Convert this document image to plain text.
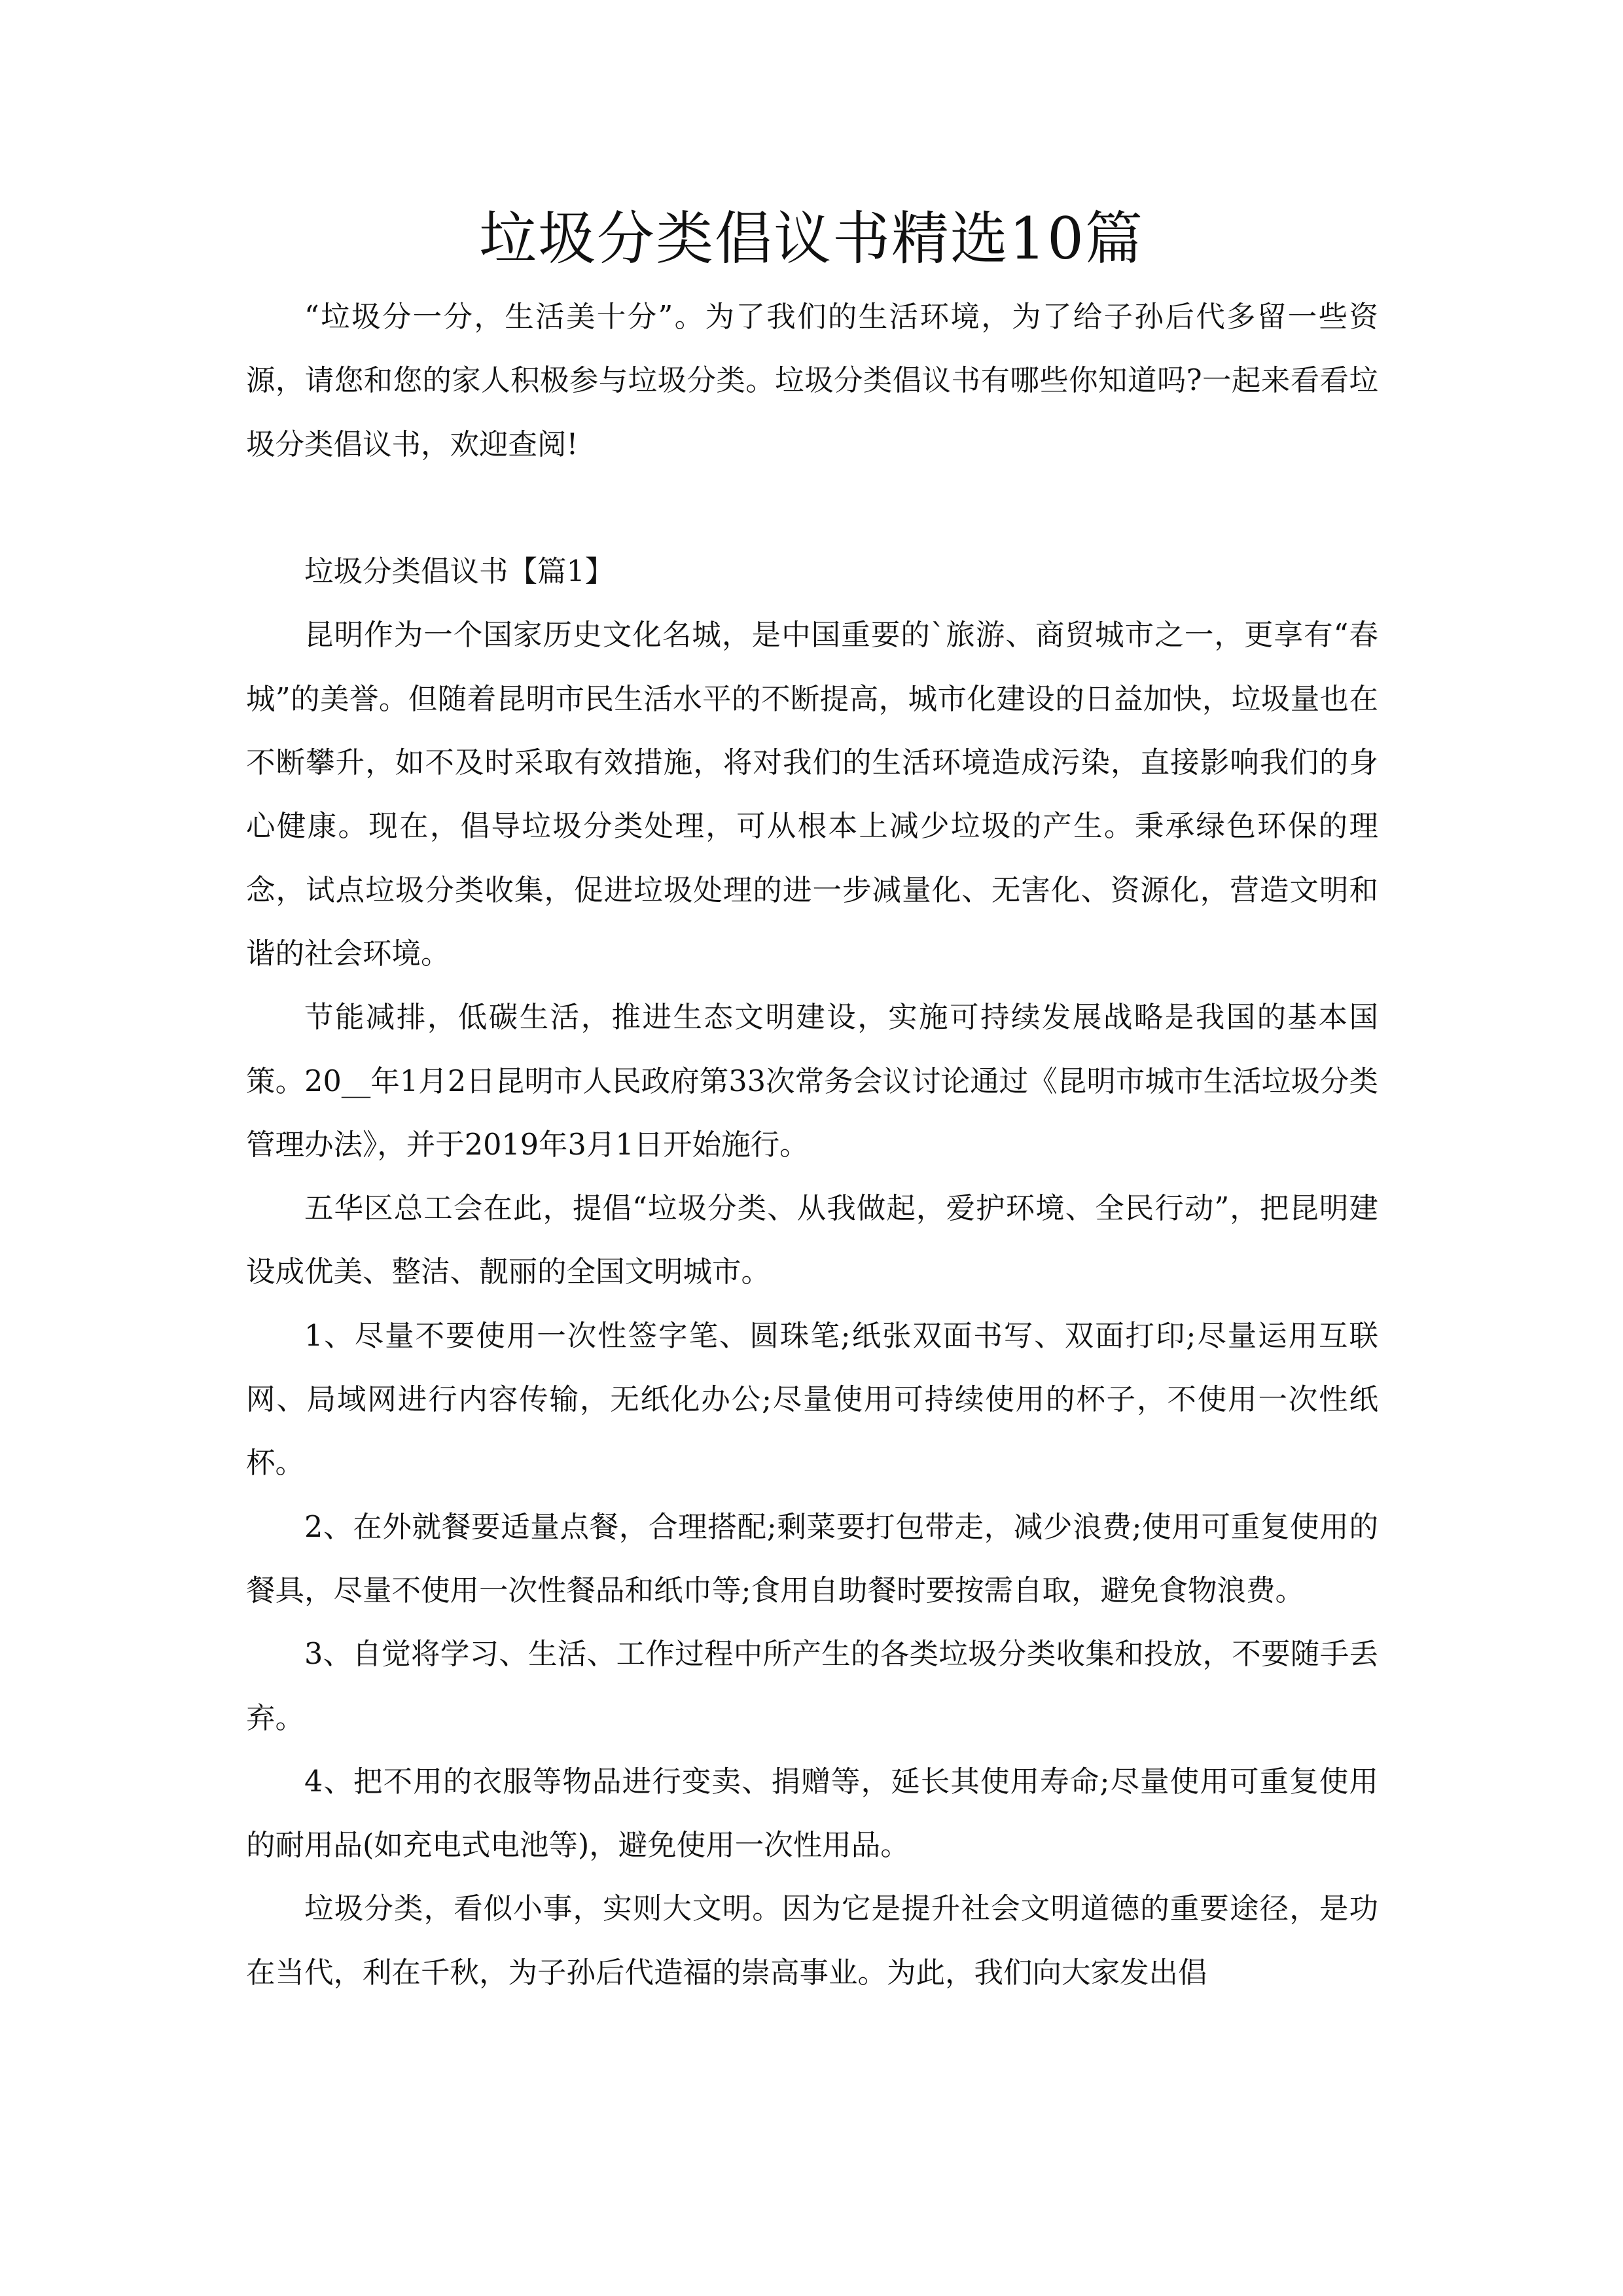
垃圾分类倡议书精选10篇

“垃圾分一分，生活美十分”。为了我们的生活环境，为了给子孙后代多留一些资源，请您和您的家人积极参与垃圾分类。垃圾分类倡议书有哪些你知道吗?一起来看看垃圾分类倡议书，欢迎查阅!

垃圾分类倡议书【篇1】

昆明作为一个国家历史文化名城，是中国重要的`旅游、商贸城市之一，更享有“春城”的美誉。但随着昆明市民生活水平的不断提高，城市化建设的日益加快，垃圾量也在不断攀升，如不及时采取有效措施，将对我们的生活环境造成污染，直接影响我们的身心健康。现在，倡导垃圾分类处理，可从根本上减少垃圾的产生。秉承绿色环保的理念，试点垃圾分类收集，促进垃圾处理的进一步减量化、无害化、资源化，营造文明和谐的社会环境。

节能减排，低碳生活，推进生态文明建设，实施可持续发展战略是我国的基本国策。20__年1月2日昆明市人民政府第33次常务会议讨论通过《昆明市城市生活垃圾分类管理办法》，并于2019年3月1日开始施行。

五华区总工会在此，提倡“垃圾分类、从我做起，爱护环境、全民行动”，把昆明建设成优美、整洁、靓丽的全国文明城市。

1、尽量不要使用一次性签字笔、圆珠笔;纸张双面书写、双面打印;尽量运用互联网、局域网进行内容传输，无纸化办公;尽量使用可持续使用的杯子，不使用一次性纸杯。

2、在外就餐要适量点餐，合理搭配;剩菜要打包带走，减少浪费;使用可重复使用的餐具，尽量不使用一次性餐品和纸巾等;食用自助餐时要按需自取，避免食物浪费。

3、自觉将学习、生活、工作过程中所产生的各类垃圾分类收集和投放，不要随手丢弃。

4、把不用的衣服等物品进行变卖、捐赠等，延长其使用寿命;尽量使用可重复使用的耐用品(如充电式电池等)，避免使用一次性用品。

垃圾分类，看似小事，实则大文明。因为它是提升社会文明道德的重要途径，是功在当代，利在千秋，为子孙后代造福的崇高事业。为此，我们向大家发出倡
